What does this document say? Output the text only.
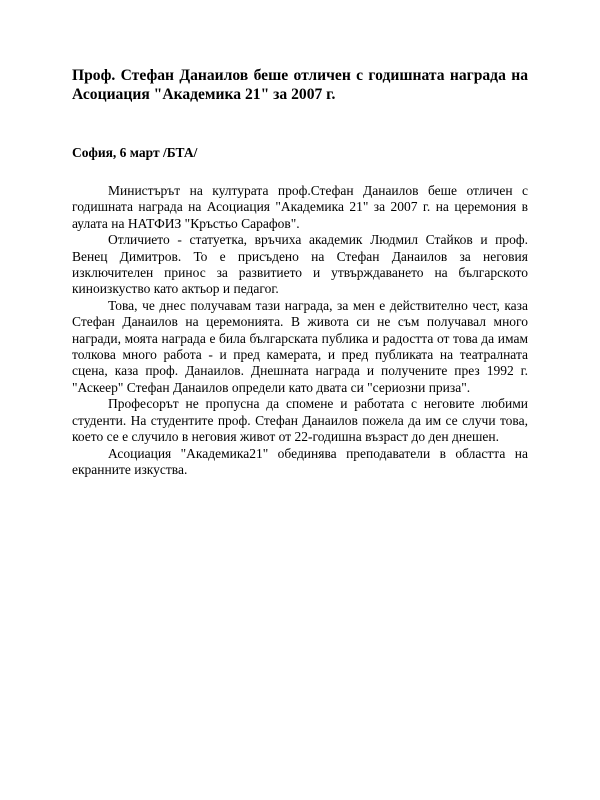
Проф. Стефан Данаилов беше отличен с годишната награда на Асоциация "Академика 21" за 2007 г.
София, 6 март /БТА/

Министърът на културата проф.Стефан Данаилов беше отличен с годишната награда на Асоциация "Академика 21" за 2007 г. на церемония в аулата на НАТФИЗ "Кръстьо Сарафов".

Отличието - статуетка, връчиха академик Людмил Стайков и проф. Венец Димитров. То е присъдено на Стефан Данаилов за неговия изключителен принос за развитието и утвърждаването на българското киноизкуство като актьор и педагог.

Това, че днес получавам тази награда, за мен е действително чест, каза Стефан Данаилов на церемонията. В живота си не съм получавал много награди, моята награда е била българската публика и радостта от това да имам толкова много работа - и пред камерата, и пред публиката на театралната сцена, каза проф. Данаилов. Днешната награда и получените през 1992 г. "Аскеер" Стефан Данаилов определи като двата си "сериозни приза".

Професорът не пропусна да спомене и работата с неговите любими студенти. На студентите проф. Стефан Данаилов пожела да им се случи това, което се е случило в неговия живот от 22-годишна възраст до ден днешен.

Асоциация "Академика21" обединява преподаватели в областта на екранните изкуства.
